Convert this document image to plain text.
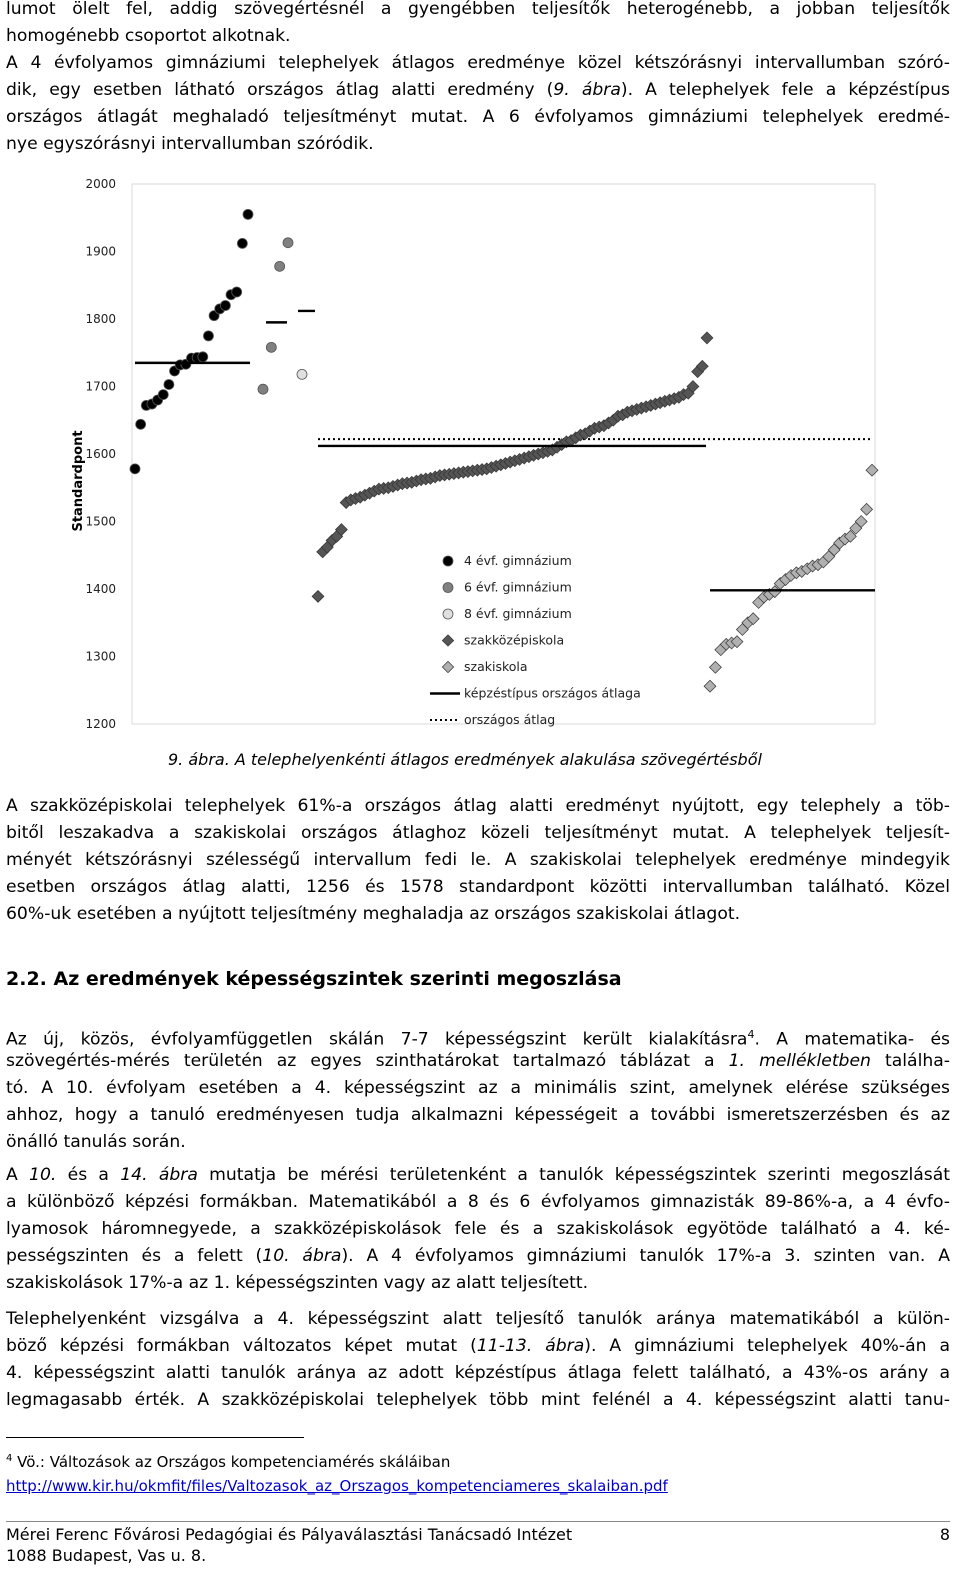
lumot ölelt fel, addig szövegértésnél a gyengébben teljesítők heterogénebb, a jobban teljesítők
homogénebb csoportot alkotnak.
A 4 évfolyamos gimnáziumi telephelyek átlagos eredménye közel kétszórásnyi intervallumban szóró-
dik, egy esetben látható országos átlag alatti eredmény (9. ábra). A telephelyek fele a képzéstípus
országos átlagát meghaladó teljesítményt mutat. A 6 évfolyamos gimnáziumi telephelyek eredmé-
nye egyszórásnyi intervallumban szóródik.
2000
1900
1800
1700
1600
1500
1400
1300
1200
Standardpont
4 évf. gimnázium
6 évf. gimnázium
8 évf. gimnázium
szakközépiskola
szakiskola
képzéstípus országos átlaga
országos átlag
9. ábra. A telephelyenkénti átlagos eredmények alakulása szövegértésből
A szakközépiskolai telephelyek 61%-a országos átlag alatti eredményt nyújtott, egy telephely a töb-
bitől leszakadva a szakiskolai országos átlaghoz közeli teljesítményt mutat. A telephelyek teljesít-
ményét kétszórásnyi szélességű intervallum fedi le. A szakiskolai telephelyek eredménye mindegyik
esetben országos átlag alatti, 1256 és 1578 standardpont közötti intervallumban található. Közel
60%-uk esetében a nyújtott teljesítmény meghaladja az országos szakiskolai átlagot.
2.2. Az eredmények képességszintek szerinti megoszlása
Az új, közös, évfolyamfüggetlen skálán 7-7 képességszint került kialakításra$^4$. A matematika- és
szövegértés-mérés területén az egyes szinthatárokat tartalmazó táblázat a 1. mellékletben találha-
tó. A 10. évfolyam esetében a 4. képességszint az a minimális szint, amelynek elérése szükséges
ahhoz, hogy a tanuló eredményesen tudja alkalmazni képességeit a további ismeretszerzésben és az
önálló tanulás során.
A 10. és a 14. ábra mutatja be mérési területenként a tanulók képességszintek szerinti megoszlását
a különböző képzési formákban. Matematikából a 8 és 6 évfolyamos gimnazisták 89-86%-a, a 4 évfo-
lyamosok háromnegyede, a szakközépiskolások fele és a szakiskolások egyötöde található a 4. ké-
pességszinten és a felett (10. ábra). A 4 évfolyamos gimnáziumi tanulók 17%-a 3. szinten van. A
szakiskolások 17%-a az 1. képességszinten vagy az alatt teljesített.
Telephelyenként vizsgálva a 4. képességszint alatt teljesítő tanulók aránya matematikából a külön-
böző képzési formákban változatos képet mutat (11-13. ábra). A gimnáziumi telephelyek 40%-án a
4. képességszint alatti tanulók aránya az adott képzéstípus átlaga felett található, a 43%-os arány a
legmagasabb érték. A szakközépiskolai telephelyek több mint felénél a 4. képességszint alatti tanu-
$^4$ Vö.: Változások az Országos kompetenciamérés skáláiban
http://www.kir.hu/okmfit/files/Valtozasok_az_Orszagos_kompetenciameres_skalaiban.pdf
Mérei Ferenc Fővárosi Pedagógiai és Pályaválasztási Tanácsadó Intézet
1088 Budapest, Vas u. 8.
8
